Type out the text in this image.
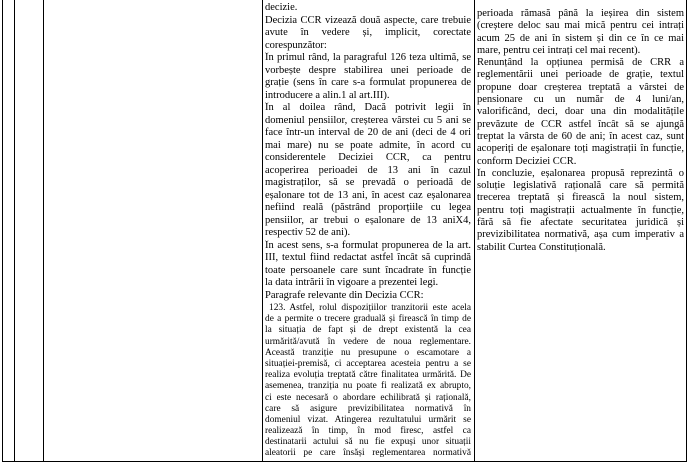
decizie.
Decizia CCR vizează două aspecte, care trebuie
avute în vedere și, implicit, corectate
corespunzător:
În primul rând, la paragraful 126 teza ultimă, se
vorbește despre stabilirea unei perioade de
grație (sens în care s-a formulat propunerea de
introducere a alin.1 al art.III).
În al doilea rând, Dacă potrivit legii în
domeniul pensiilor, creșterea vârstei cu 5 ani se
face într-un interval de 20 de ani (deci de 4 ori
mai mare) nu se poate admite, în acord cu
considerentele Deciziei CCR, ca pentru
acoperirea perioadei de 13 ani în cazul
magistraților, să se prevadă o perioadă de
eșalonare tot de 13 ani, în acest caz eșalonarea
nefiind reală (păstrând proporțiile cu legea
pensiilor, ar trebui o eșalonare de 13 aniX4,
respectiv 52 de ani).
În acest sens, s-a formulat propunerea de la art.
III, textul fiind redactat astfel încât să cuprindă
toate persoanele care sunt încadrate în funcție
la data intrării în vigoare a prezentei legi.
Paragrafe relevante din Decizia CCR:
123. Astfel, rolul dispozițiilor tranzitorii este acela
de a permite o trecere graduală și firească în timp de
la situația de fapt și de drept existentă la cea
urmărită/avută în vedere de noua reglementare.
Această tranziție nu presupune o escamotare a
situației-premisă, ci acceptarea acesteia pentru a se
realiza evoluția treptată către finalitatea urmărită. De
asemenea, tranziția nu poate fi realizată ex abrupto,
ci este necesară o abordare echilibrată și rațională,
care să asigure previzibilitatea normativă în
domeniul vizat. Atingerea rezultatului urmărit se
realizează în timp, în mod firesc, astfel ca
destinatarii actului să nu fie expuși unor situații
aleatorii pe care însăși reglementarea normativă
perioada rămasă până la ieșirea din sistem
(creștere deloc sau mai mică pentru cei intrați
acum 25 de ani în sistem și din ce în ce mai
mare, pentru cei intrați cel mai recent).
Renunțând la opțiunea permisă de CRR a
reglementării unei perioade de grație, textul
propune doar creșterea treptată a vârstei de
pensionare cu un număr de 4 luni/an,
valorificând, deci, doar una din modalitățile
prevăzute de CCR astfel încât să se ajungă
treptat la vârsta de 60 de ani; în acest caz, sunt
acoperiți de eșalonare toți magistrații în funcție,
conform Deciziei CCR.
În concluzie, eșalonarea propusă reprezintă o
soluție legislativă rațională care să permită
trecerea treptată și firească la noul sistem,
pentru toți magistrații actualmente în funcție,
fără să fie afectate securitatea juridică și
previzibilitatea normativă, așa cum imperativ a
stabilit Curtea Constituțională.
